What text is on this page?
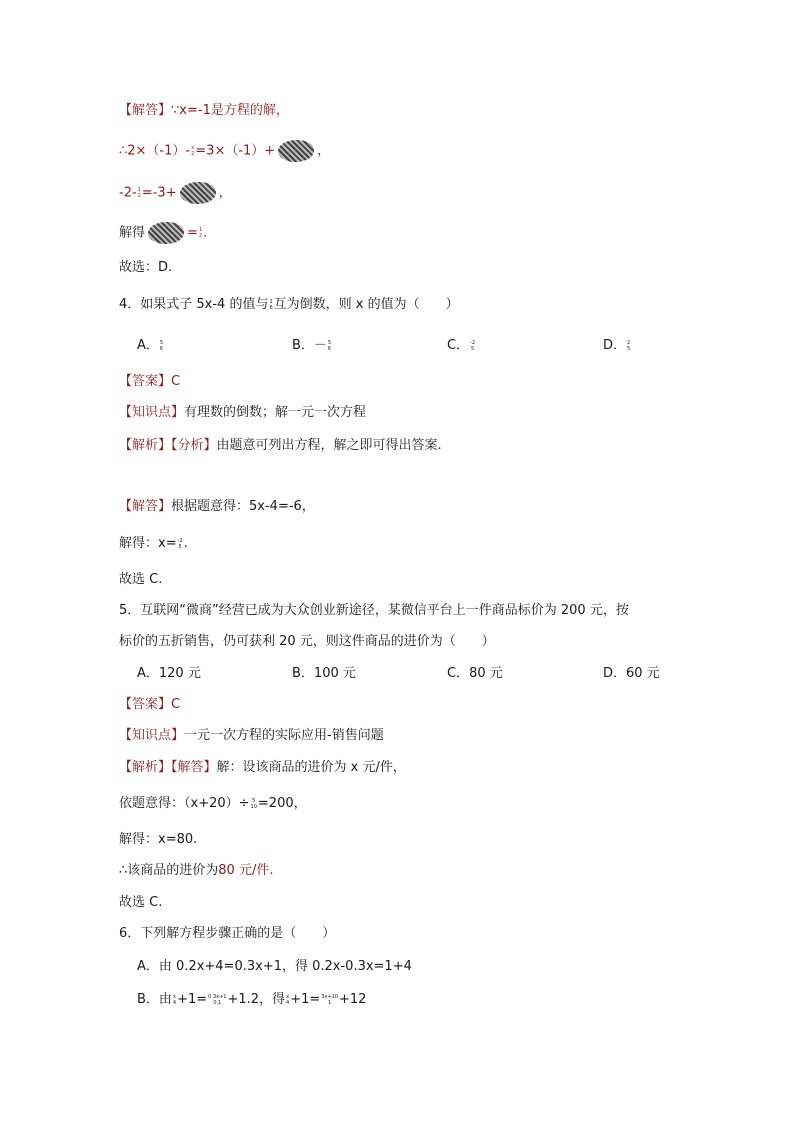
【解答】∵x=-1是方程的解，
∴2×（-1）- x
2 =3×（-1）+	，
-2- 1
2 =-3+	，
解得	= 1
2 .
故选：D.
4．如果式子 5x-4 的值与 1
6 互为倒数，则 x 的值为（　　）
A． 5
6	B．－ 5
6	C． -2
5	D． 2
5
【答案】C
【知识点】有理数的倒数；解一元一次方程
【解析】【分析】由题意可列出方程，解之即可得出答案.
【解答】根据题意得：5x-4=-6，
解得：x= -2
5 .
故选 C.
5．互联网“微商”经营已成为大众创业新途径，某微信平台上一件商品标价为 200 元，按
标价的五折销售，仍可获利 20 元，则这件商品的进价为（　　）
A．120 元	B．100 元	C．80 元	D．60 元
【答案】C
【知识点】一元一次方程的实际应用-销售问题
【解析】【解答】解：设该商品的进价为 x 元/件，
依题意得：（x+20）÷ 5
10 =200，
解得：x=80.
∴该商品的进价为80 元/件.
故选 C.
6．下列解方程步骤正确的是（　　）
A．由 0.2x+4=0.3x+1，得 0.2x-0.3x=1+4
B．由 x
4 +1= 0.3x+1
0.1 +1.2，得 x
4 +1= 3x+10
1 +12
